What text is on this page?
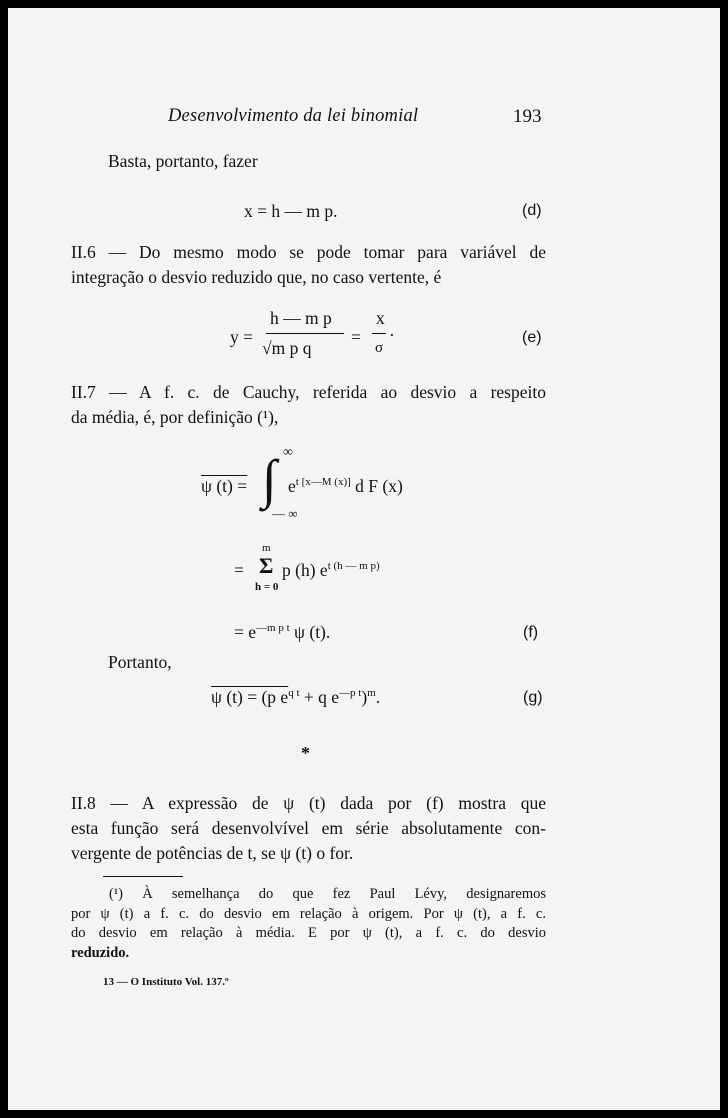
Desenvolvimento da lei binomial	193
Basta, portanto, fazer
x = h — m p.	(d)
II.6 — Do mesmo modo se pode tomar para variável de
integração o desvio reduzido que, no caso vertente, é
y =
h — m p
√m p q
=
x
σ
·	(e)
II.7 — A f. c. de Cauchy, referida ao desvio a respeito
da média, é, por definição (¹),
ψ (t) =
∞
∫
— ∞
$e^{t [x—M (x)]}$ d F (x)
=
m
Σ
h = 0
p (h) $e^{t (h — m p)}$
= $e^{—m p t}$ ψ (t).	(f)
Portanto,
ψ (t) = (p $e^{q t} + q$ $e^{—p t})^m$.	(g)
*
II.8 — A expressão de ψ (t) dada por (f) mostra que
esta função será desenvolvível em série absolutamente con-
vergente de potências de t, se ψ (t) o for.
(¹) À semelhança do que fez Paul Lévy, designaremos
por ψ (t) a f. c. do desvio em relação à origem. Por ψ (t), a f. c.
do desvio em relação à média. E por ψ (t), a f. c. do desvio
reduzido.
13 — O Instituto Vol. 137.º
